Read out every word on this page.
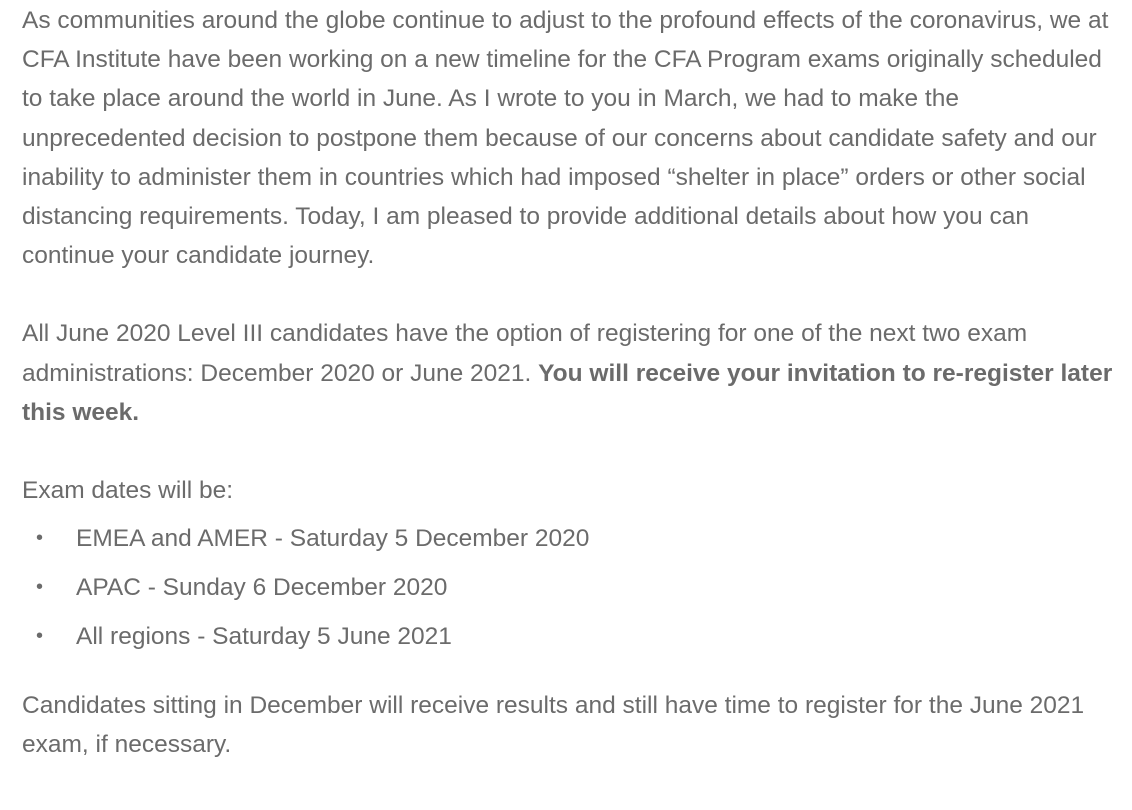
As communities around the globe continue to adjust to the profound effects of the coronavirus, we at CFA Institute have been working on a new timeline for the CFA Program exams originally scheduled to take place around the world in June. As I wrote to you in March, we had to make the unprecedented decision to postpone them because of our concerns about candidate safety and our inability to administer them in countries which had imposed “shelter in place” orders or other social distancing requirements. Today, I am pleased to provide additional details about how you can continue your candidate journey.

All June 2020 Level III candidates have the option of registering for one of the next two exam administrations: December 2020 or June 2021. You will receive your invitation to re-register later this week.

Exam dates will be:

• EMEA and AMER - Saturday 5 December 2020
• APAC - Sunday 6 December 2020
• All regions - Saturday 5 June 2021

Candidates sitting in December will receive results and still have time to register for the June 2021 exam, if necessary.
